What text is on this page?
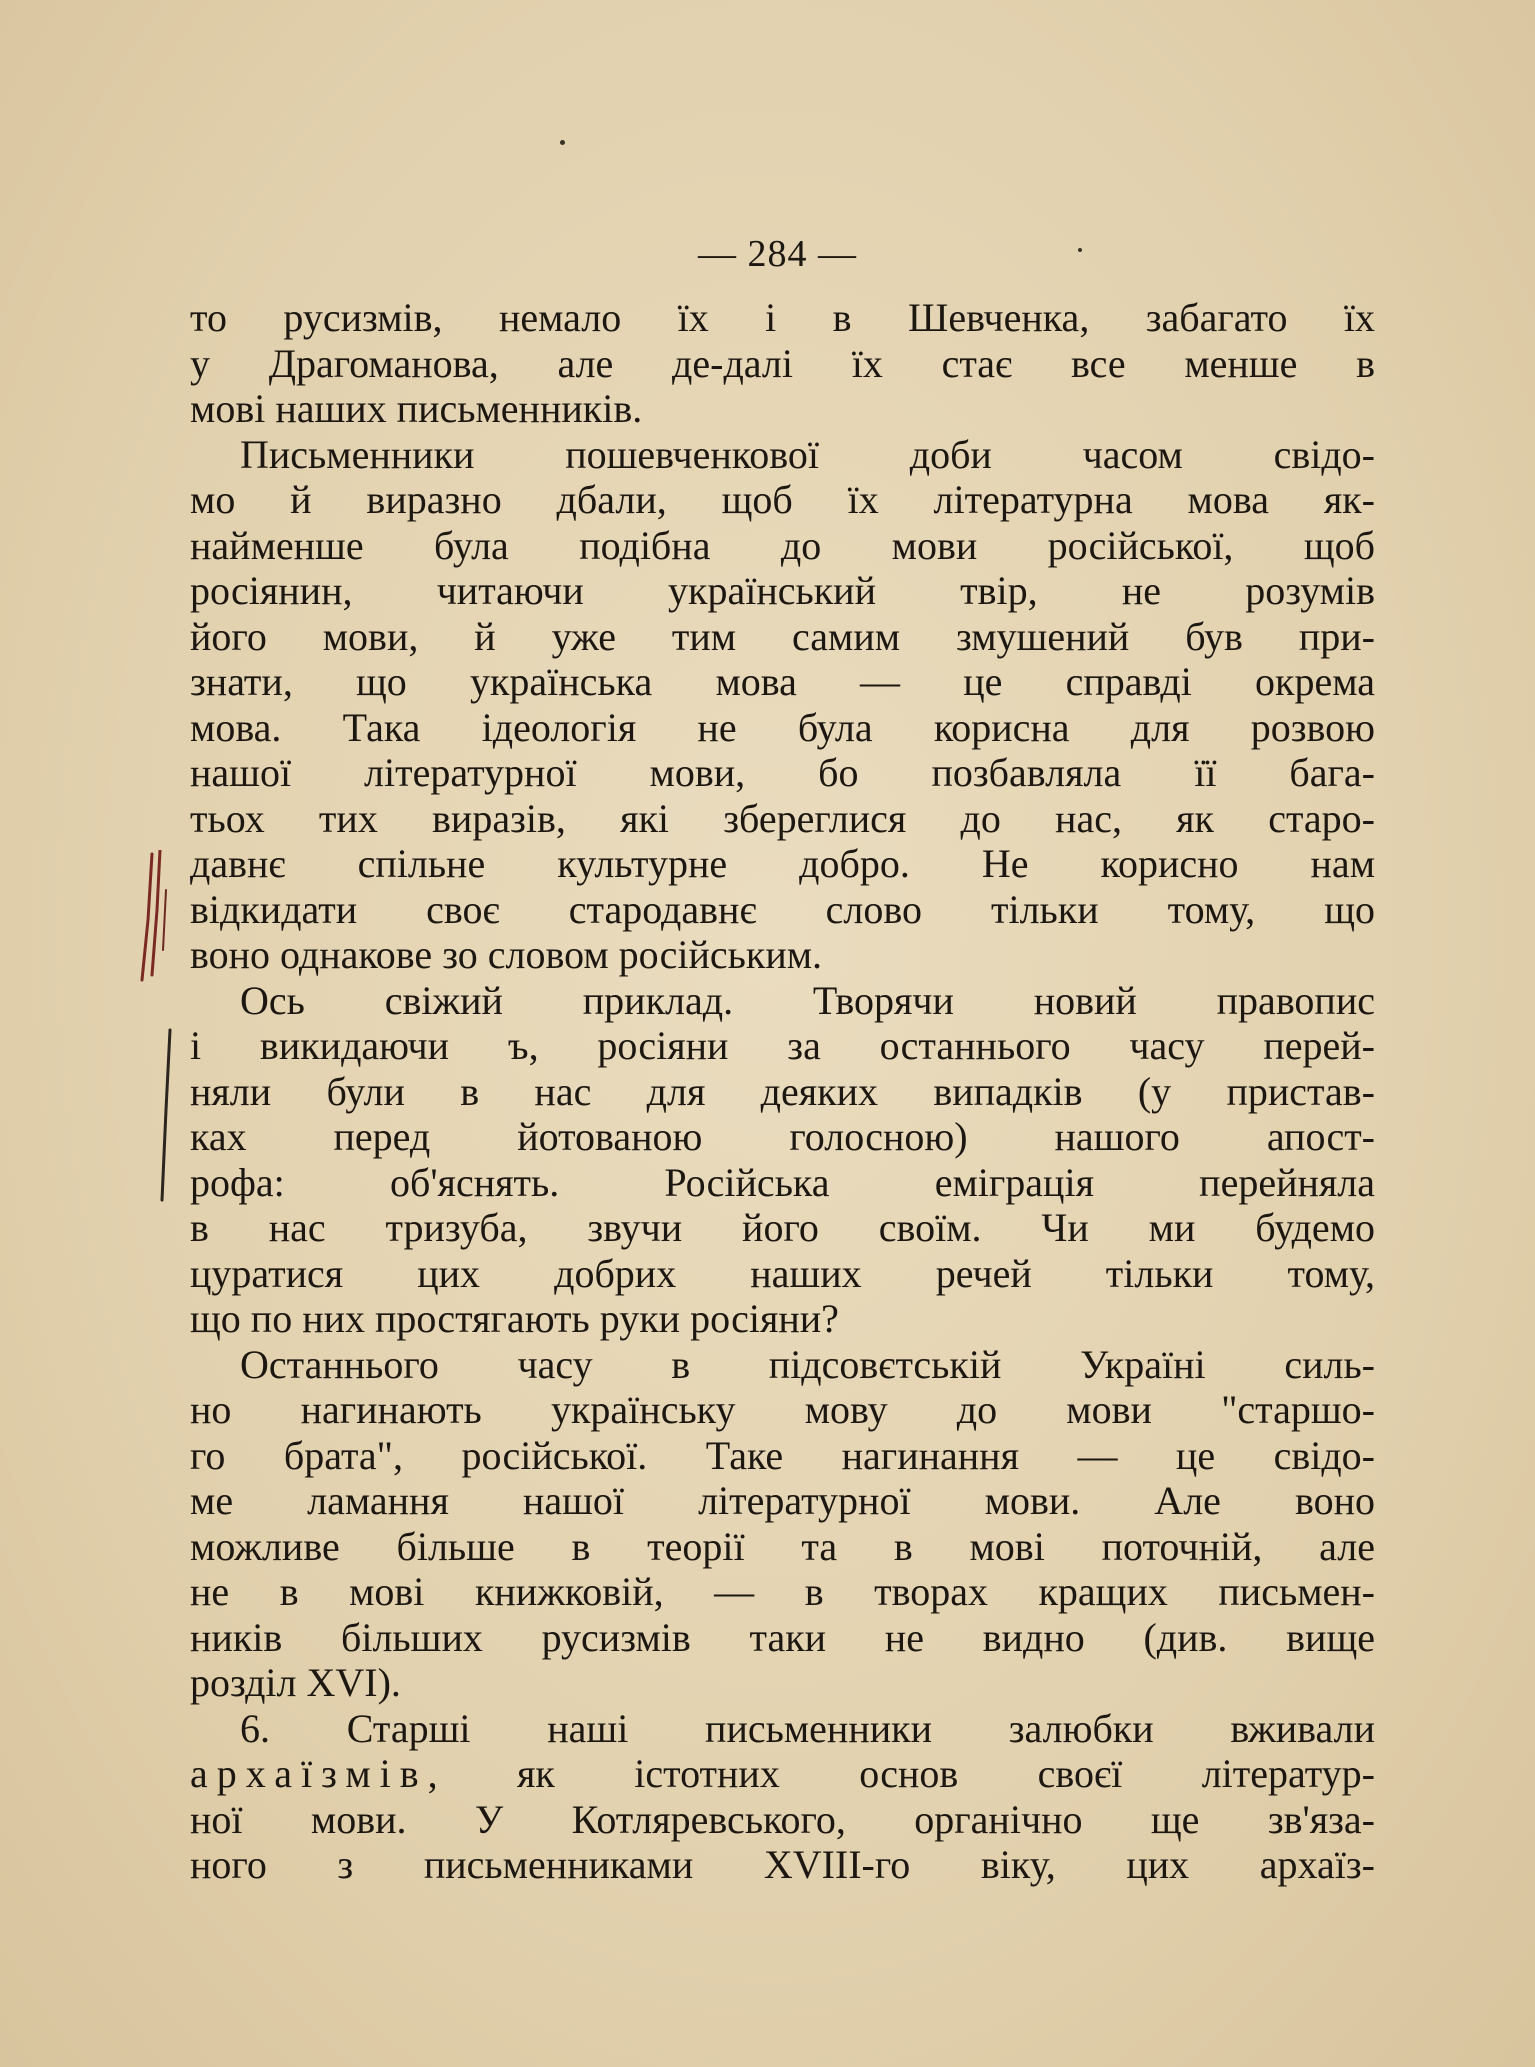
— 284 —
то русизмів, немало їх і в Шевченка, забагато їх
у Драгоманова, але де-далі їх стає все менше в
мові наших письменників.
Письменники пошевченкової доби часом свідо-
мо й виразно дбали, щоб їх літературна мова як-
найменше була подібна до мови російської, щоб
росіянин, читаючи український твір, не розумів
його мови, й уже тим самим змушений був при-
знати, що українська мова — це справді окрема
мова. Така ідеологія не була корисна для розвою
нашої літературної мови, бо позбавляла її бага-
тьох тих виразів, які збереглися до нас, як старо-
давнє спільне культурне добро. Не корисно нам
відкидати своє стародавнє слово тільки тому, що
воно однакове зо словом російським.
Ось свіжий приклад. Творячи новий правопис
і викидаючи ъ, росіяни за останнього часу перей-
няли були в нас для деяких випадків (у пристав-
ках перед йотованою голосною) нашого апост-
рофа: об'яснять. Російська еміграція перейняла
в нас тризуба, звучи його своїм. Чи ми будемо
цуратися цих добрих наших речей тільки тому,
що по них простягають руки росіяни?
Останнього часу в підсовєтській Україні силь-
но нагинають українську мову до мови "старшо-
го брата", російської. Таке нагинання — це свідо-
ме ламання нашої літературної мови. Але воно
можливе більше в теорії та в мові поточній, але
не в мові книжковій, — в творах кращих письмен-
ників більших русизмів таки не видно (див. вище
розділ XVI).
6. Старші наші письменники залюбки вживали
архаїзмів, як істотних основ своєї літератур-
ної мови. У Котляревського, органічно ще зв'яза-
ного з письменниками XVIII-го віку, цих архаїз-
